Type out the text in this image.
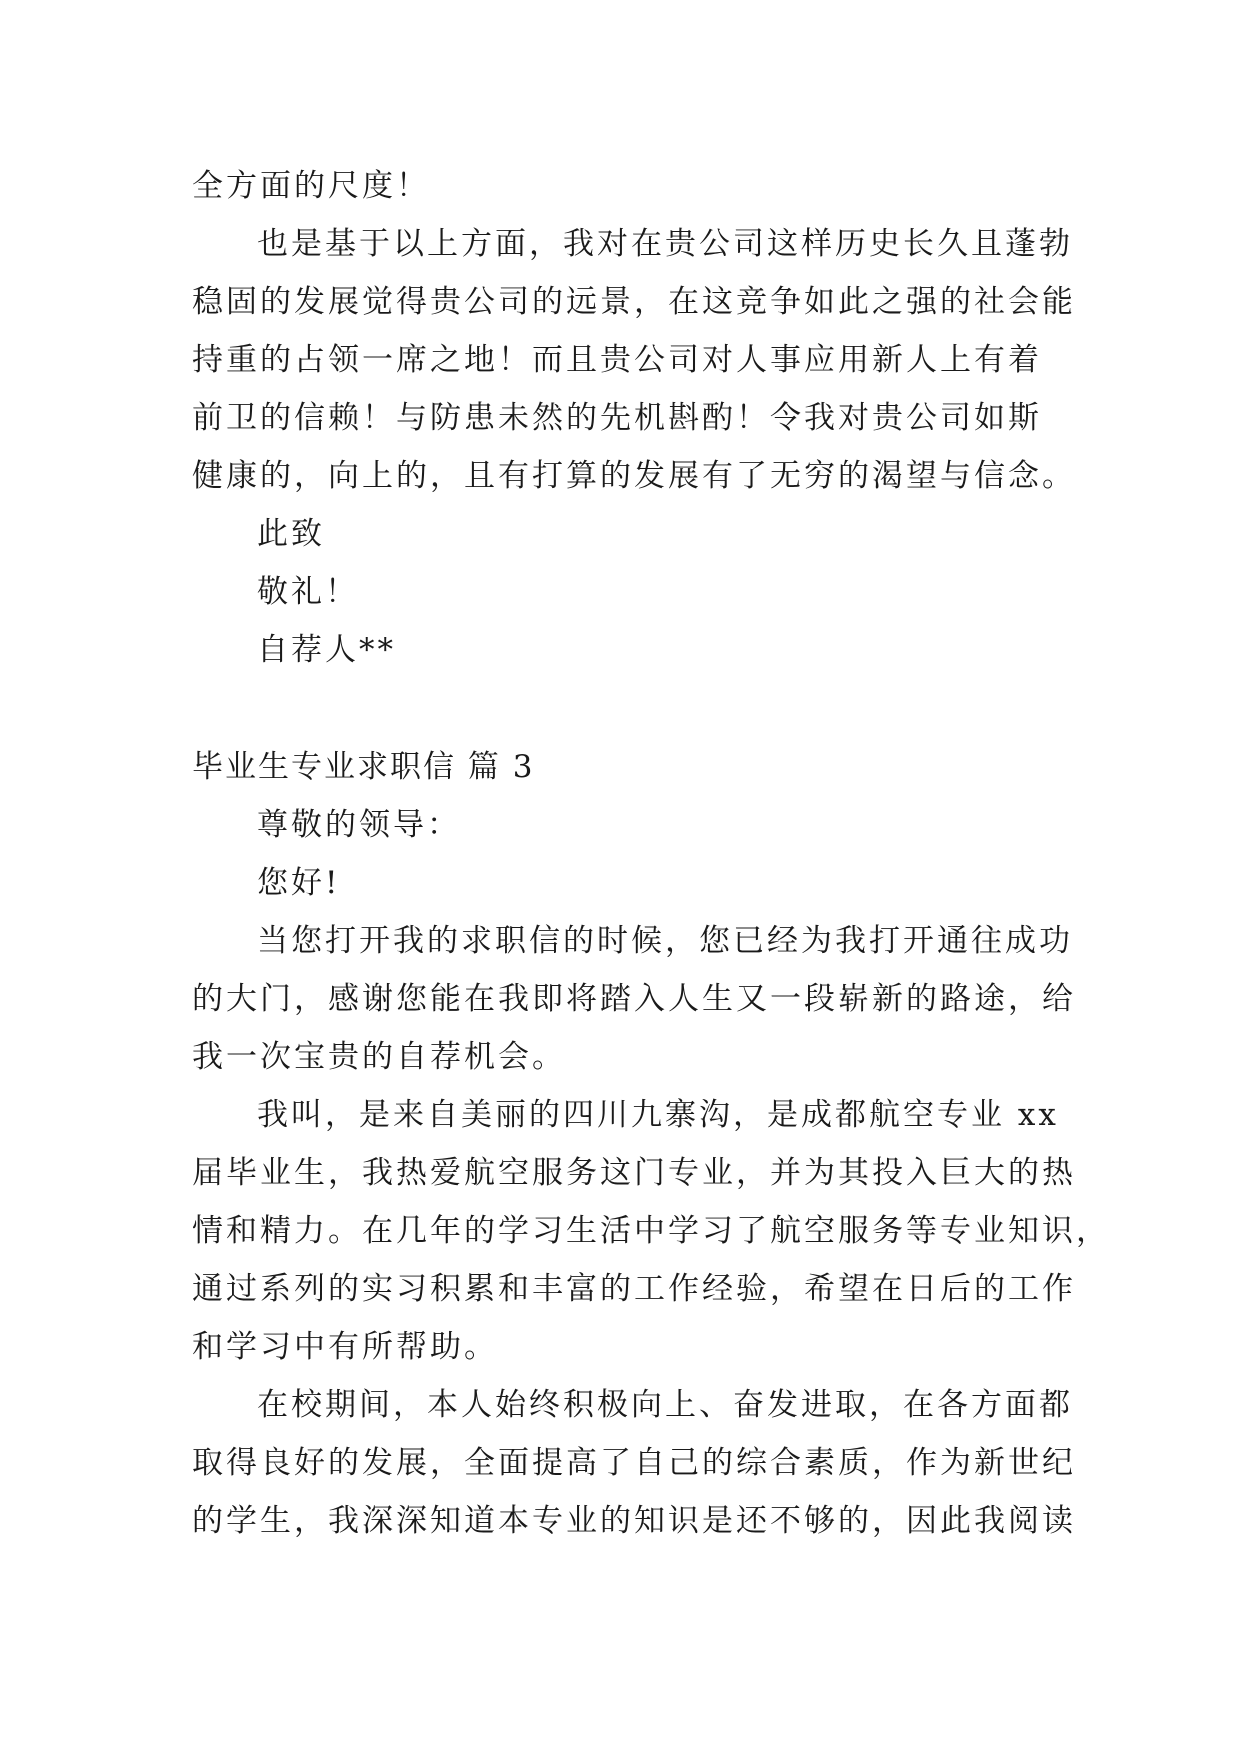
全方面的尺度！
也是基于以上方面，我对在贵公司这样历史长久且蓬勃
稳固的发展觉得贵公司的远景，在这竞争如此之强的社会能
持重的占领一席之地！而且贵公司对人事应用新人上有着
前卫的信赖！与防患未然的先机斟酌！令我对贵公司如斯
健康的，向上的，且有打算的发展有了无穷的渴望与信念。
此致
敬礼！
自荐人**
毕业生专业求职信 篇 3
尊敬的领导：
您好!
当您打开我的求职信的时候，您已经为我打开通往成功
的大门，感谢您能在我即将踏入人生又一段崭新的路途，给
我一次宝贵的自荐机会。
我叫，是来自美丽的四川九寨沟，是成都航空专业 xx
届毕业生，我热爱航空服务这门专业，并为其投入巨大的热
情和精力。在几年的学习生活中学习了航空服务等专业知识，
通过系列的实习积累和丰富的工作经验，希望在日后的工作
和学习中有所帮助。
在校期间，本人始终积极向上、奋发进取，在各方面都
取得良好的发展，全面提高了自己的综合素质，作为新世纪
的学生，我深深知道本专业的知识是还不够的，因此我阅读
